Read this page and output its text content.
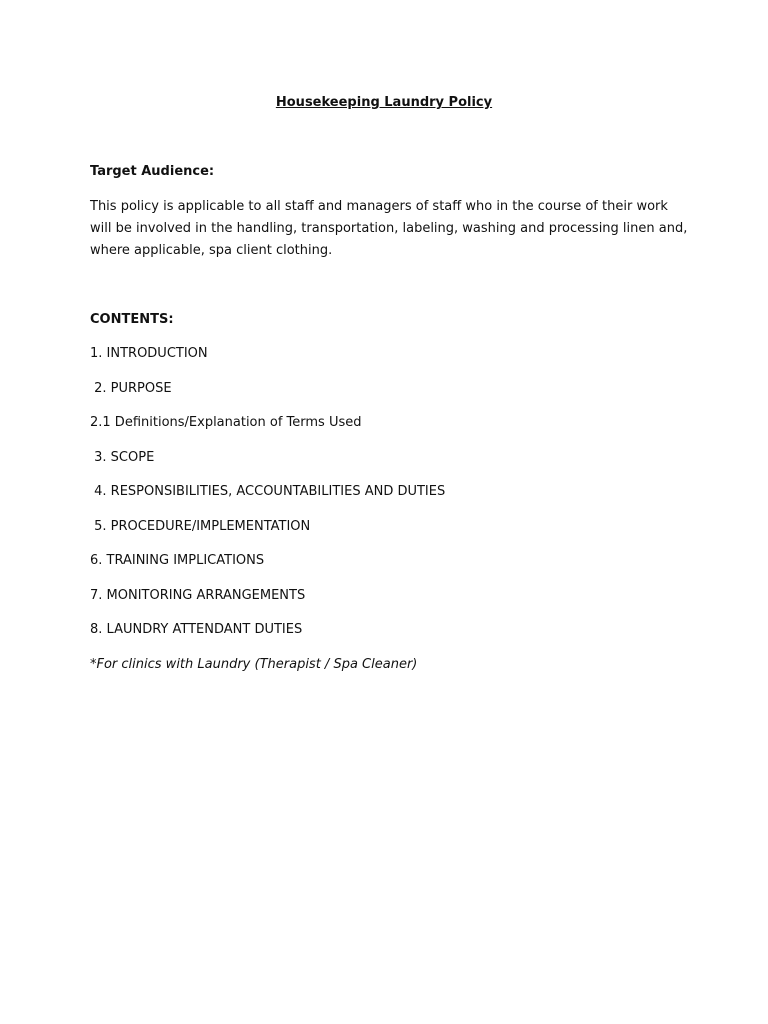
Housekeeping Laundry Policy
Target Audience:
This policy is applicable to all staff and managers of staff who in the course of their work will be involved in the handling, transportation, labeling, washing and processing linen and, where applicable, spa client clothing.
CONTENTS:
1. INTRODUCTION
2. PURPOSE
2.1 Definitions/Explanation of Terms Used
3. SCOPE
4. RESPONSIBILITIES, ACCOUNTABILITIES AND DUTIES
5. PROCEDURE/IMPLEMENTATION
6. TRAINING IMPLICATIONS
7. MONITORING ARRANGEMENTS
8. LAUNDRY ATTENDANT DUTIES
*For clinics with Laundry (Therapist / Spa Cleaner)
